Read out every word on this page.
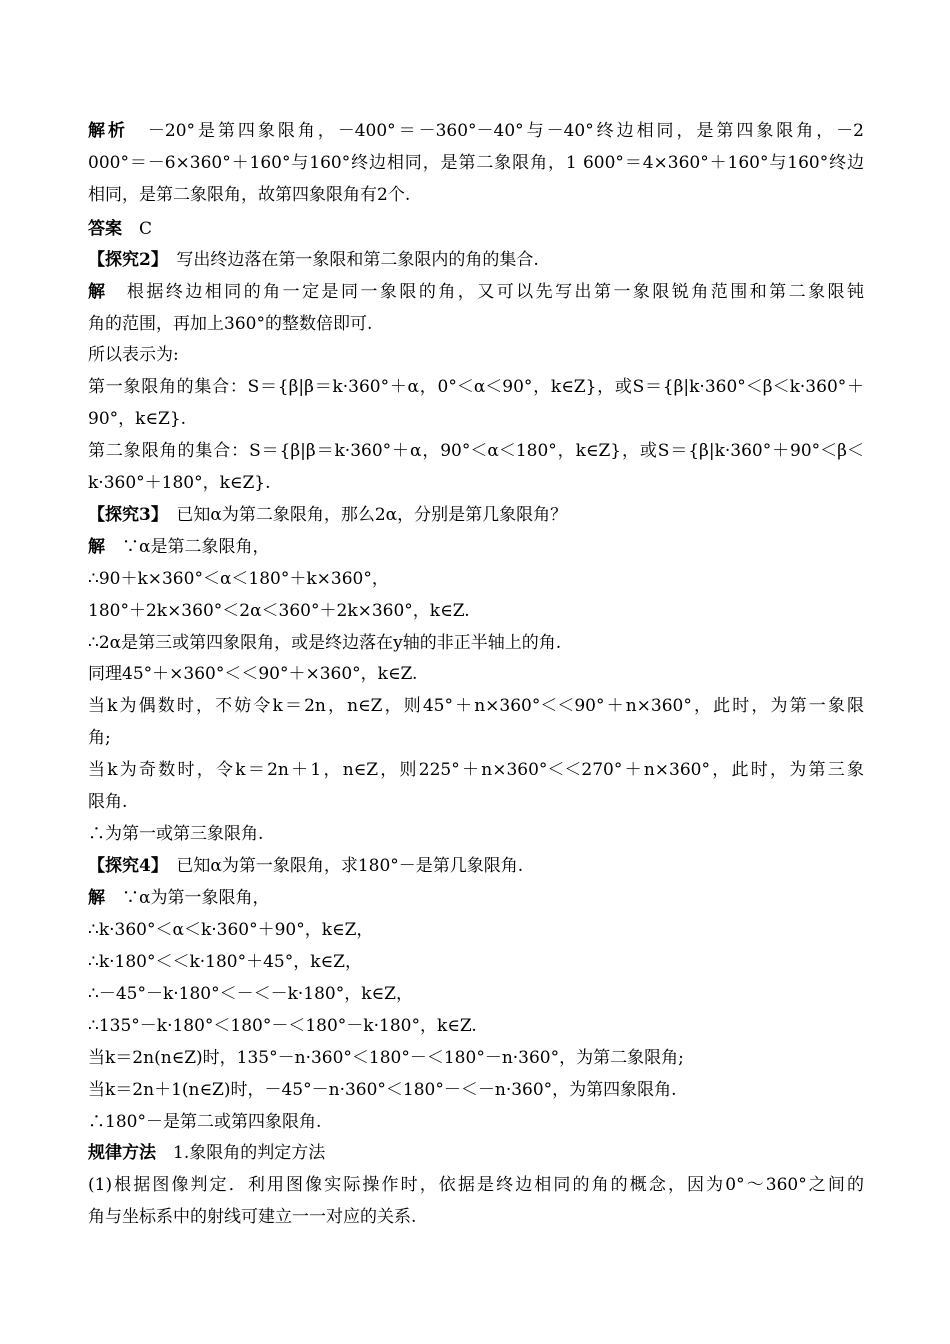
解析　－20°是第四象限角，－400°＝－360°－40°与－40°终边相同，是第四象限角，－2
000°＝－6×360°＋160°与160°终边相同，是第二象限角，1 600°＝4×360°＋160°与160°终边
相同，是第二象限角，故第四象限角有2个.
答案　C
【探究2】　写出终边落在第一象限和第二象限内的角的集合.
解　根据终边相同的角一定是同一象限的角，又可以先写出第一象限锐角范围和第二象限钝
角的范围，再加上360°的整数倍即可.
所以表示为:
第一象限角的集合：S＝{β|β＝k·360°＋α，0°＜α＜90°，k∈Z}，或S＝{β|k·360°＜β＜k·360°＋
90°，k∈Z}.
第二象限角的集合：S＝{β|β＝k·360°＋α，90°＜α＜180°，k∈Z}，或S＝{β|k·360°＋90°＜β＜
k·360°＋180°，k∈Z}.
【探究3】　已知α为第二象限角，那么2α，分别是第几象限角？
解　∵α是第二象限角，
∴90＋k×360°＜α＜180°＋k×360°，
180°＋2k×360°＜2α＜360°＋2k×360°，k∈Z.
∴2α是第三或第四象限角，或是终边落在y轴的非正半轴上的角.
同理45°＋×360°＜＜90°＋×360°，k∈Z.
当k为偶数时，不妨令k＝2n，n∈Z，则45°＋n×360°＜＜90°＋n×360°，此时，为第一象限
角;
当k为奇数时，令k＝2n＋1，n∈Z，则225°＋n×360°＜＜270°＋n×360°，此时，为第三象
限角.
∴为第一或第三象限角.
【探究4】　已知α为第一象限角，求180°－是第几象限角.
解　∵α为第一象限角，
∴k·360°＜α＜k·360°＋90°，k∈Z，
∴k·180°＜＜k·180°＋45°，k∈Z，
∴－45°－k·180°＜－＜－k·180°，k∈Z，
∴135°－k·180°＜180°－＜180°－k·180°，k∈Z.
当k＝2n(n∈Z)时，135°－n·360°＜180°－＜180°－n·360°，为第二象限角;
当k＝2n＋1(n∈Z)时，－45°－n·360°＜180°－＜－n·360°，为第四象限角.
∴180°－是第二或第四象限角.
规律方法　1.象限角的判定方法
(1)根据图像判定．利用图像实际操作时，依据是终边相同的角的概念，因为0°～360°之间的
角与坐标系中的射线可建立一一对应的关系.
